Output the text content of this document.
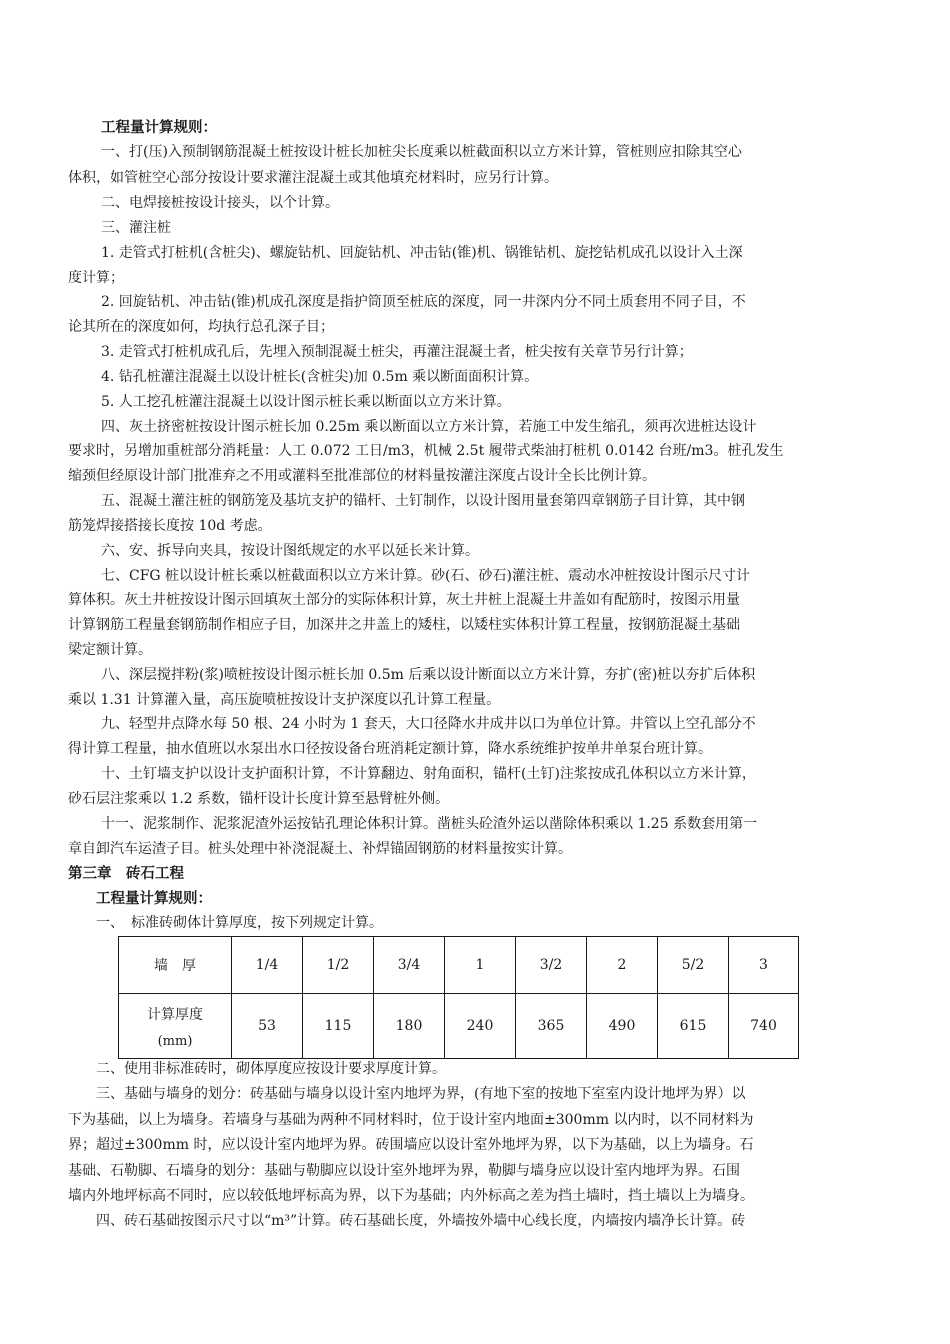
工程量计算规则：
一、打(压)入预制钢筋混凝土桩按设计桩长加桩尖长度乘以桩截面积以立方米计算，管桩则应扣除其空心
体积，如管桩空心部分按设计要求灌注混凝土或其他填充材料时，应另行计算。
二、电焊接桩按设计接头，以个计算。
三、灌注桩
1. 走管式打桩机(含桩尖)、螺旋钻机、回旋钻机、冲击钻(锥)机、锅锥钻机、旋挖钻机成孔以设计入土深
度计算；
2. 回旋钻机、冲击钻(锥)机成孔深度是指护筒顶至桩底的深度，同一井深内分不同土质套用不同子目，不
论其所在的深度如何，均执行总孔深子目；
3. 走管式打桩机成孔后，先埋入预制混凝土桩尖，再灌注混凝土者，桩尖按有关章节另行计算；
4. 钻孔桩灌注混凝土以设计桩长(含桩尖)加 0.5m 乘以断面面积计算。
5. 人工挖孔桩灌注混凝土以设计图示桩长乘以断面以立方米计算。
四、灰土挤密桩按设计图示桩长加 0.25m 乘以断面以立方米计算，若施工中发生缩孔，须再次进桩达设计
要求时，另增加重桩部分消耗量：人工 0.072 工日/m3，机械 2.5t 履带式柴油打桩机 0.0142 台班/m3。桩孔发生
缩颈但经原设计部门批准弃之不用或灌料至批准部位的材料量按灌注深度占设计全长比例计算。
五、混凝土灌注桩的钢筋笼及基坑支护的锚杆、土钉制作，以设计图用量套第四章钢筋子目计算，其中钢
筋笼焊接搭接长度按 10d 考虑。
六、安、拆导向夹具，按设计图纸规定的水平以延长米计算。
七、CFG 桩以设计桩长乘以桩截面积以立方米计算。砂(石、砂石)灌注桩、震动水冲桩按设计图示尺寸计
算体积。灰土井桩按设计图示回填灰土部分的实际体积计算，灰土井桩上混凝土井盖如有配筋时，按图示用量
计算钢筋工程量套钢筋制作相应子目，加深井之井盖上的矮柱，以矮柱实体积计算工程量，按钢筋混凝土基础
梁定额计算。
八、深层搅拌粉(浆)喷桩按设计图示桩长加 0.5m 后乘以设计断面以立方米计算，夯扩(密)桩以夯扩后体积
乘以 1.31 计算灌入量，高压旋喷桩按设计支护深度以孔计算工程量。
九、轻型井点降水每 50 根、24 小时为 1 套天，大口径降水井成井以口为单位计算。井管以上空孔部分不
得计算工程量，抽水值班以水泵出水口径按设备台班消耗定额计算，降水系统维护按单井单泵台班计算。
十、土钉墙支护以设计支护面积计算，不计算翻边、射角面积，锚杆(土钉)注浆按成孔体积以立方米计算，
砂石层注浆乘以 1.2 系数，锚杆设计长度计算至悬臂桩外侧。
十一、泥浆制作、泥浆泥渣外运按钻孔理论体积计算。凿桩头砼渣外运以凿除体积乘以 1.25 系数套用第一
章自卸汽车运渣子目。桩头处理中补浇混凝土、补焊锚固钢筋的材料量按实计算。
第三章　砖石工程
工程量计算规则：
一、　标准砖砌体计算厚度，按下列规定计算。
墙　厚	1/4	1/2	3/4	1	3/2	2	5/2	3
计算厚度
(mm)	53	115	180	240	365	490	615	740
二、使用非标准砖时，砌体厚度应按设计要求厚度计算。
三、基础与墙身的划分：砖基础与墙身以设计室内地坪为界，(有地下室的按地下室室内设计地坪为界）以
下为基础，以上为墙身。若墙身与基础为两种不同材料时，位于设计室内地面±300mm 以内时，以不同材料为
界；超过±300mm 时，应以设计室内地坪为界。砖围墙应以设计室外地坪为界，以下为基础，以上为墙身。石
基础、石勒脚、石墙身的划分：基础与勒脚应以设计室外地坪为界，勒脚与墙身应以设计室内地坪为界。石围
墙内外地坪标高不同时，应以较低地坪标高为界，以下为基础；内外标高之差为挡土墙时，挡土墙以上为墙身。
四、砖石基础按图示尺寸以“m³”计算。砖石基础长度，外墙按外墙中心线长度，内墙按内墙净长计算。砖
